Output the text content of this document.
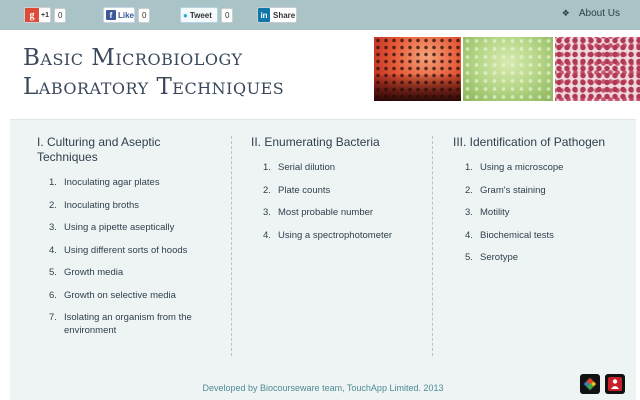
g +1	0	f Like	0	● Tweet	0	in Share	❖ About Us
Basic Microbiology
Laboratory Techniques
I. Culturing and Aseptic Techniques
1. Inoculating agar plates
2. Inoculating broths
3. Using a pipette aseptically
4. Using different sorts of hoods
5. Growth media
6. Growth on selective media
7. Isolating an organism from the environment
II. Enumerating Bacteria
1. Serial dilution
2. Plate counts
3. Most probable number
4. Using a spectrophotometer
III. Identification of Pathogen
1. Using a microscope
2. Gram's staining
3. Motility
4. Biochemical tests
5. Serotype
Developed by Biocourseware team, TouchApp Limited. 2013
